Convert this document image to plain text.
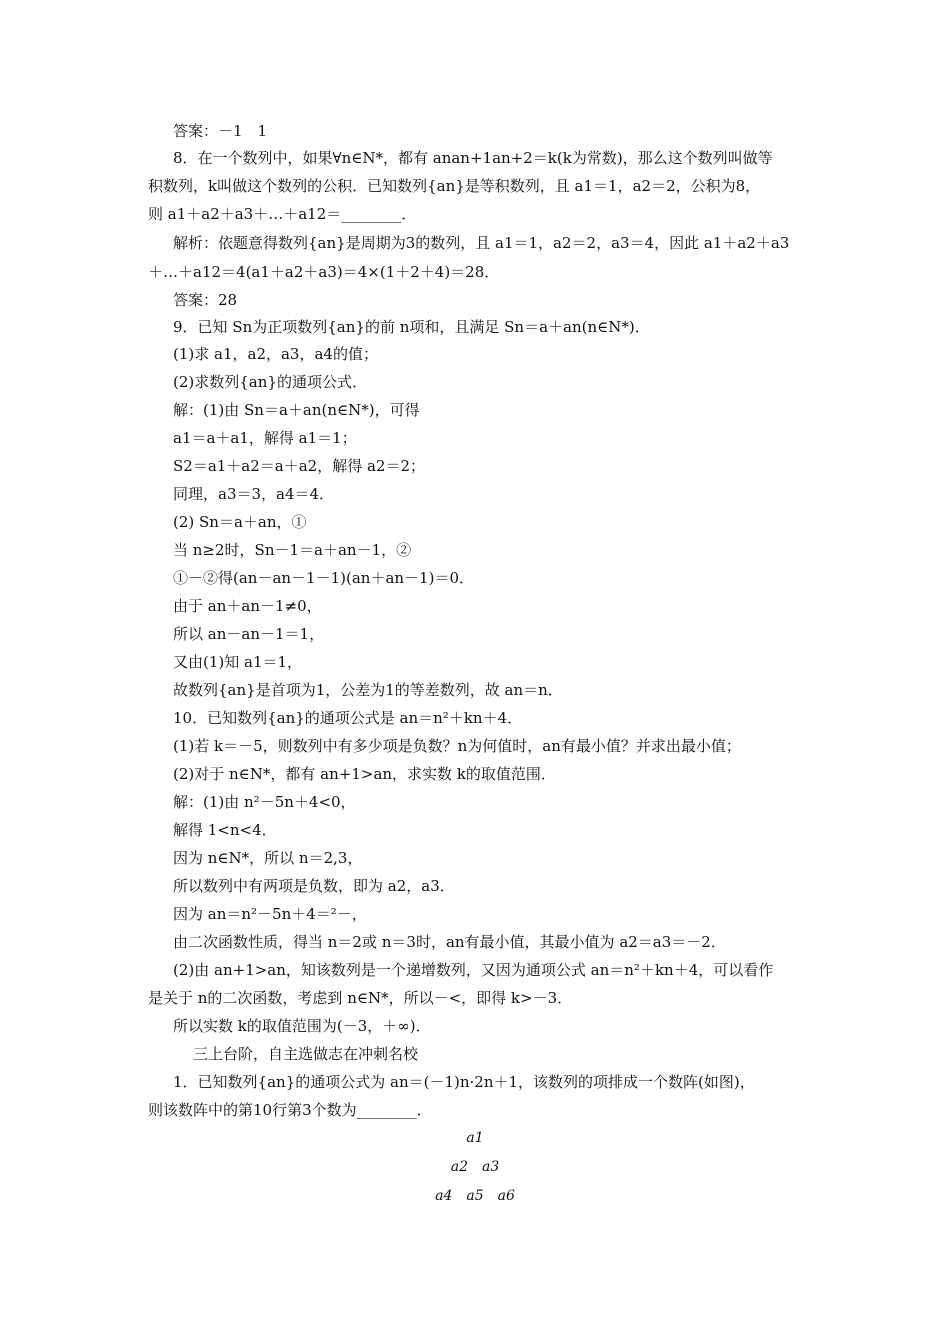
答案：－1　1
8．在一个数列中，如果∀n∈N*，都有 anan+1an+2＝k(k为常数)，那么这个数列叫做等
积数列，k叫做这个数列的公积．已知数列{an}是等积数列，且 a1＝1，a2＝2，公积为8，
则 a1＋a2＋a3＋…＋a12＝________．
解析：依题意得数列{an}是周期为3的数列，且 a1＝1，a2＝2，a3＝4，因此 a1＋a2＋a3
＋…＋a12＝4(a1＋a2＋a3)＝4×(1＋2＋4)＝28．
答案：28
9．已知 Sn为正项数列{an}的前 n项和，且满足 Sn＝a＋an(n∈N*)．
(1)求 a1，a2，a3，a4的值；
(2)求数列{an}的通项公式．
解：(1)由 Sn＝a＋an(n∈N*)，可得
a1＝a＋a1，解得 a1＝1；
S2＝a1＋a2＝a＋a2，解得 a2＝2；
同理，a3＝3，a4＝4．
(2) Sn＝a＋an，①
当 n≥2时，Sn－1＝a＋an－1，②
①－②得(an－an－1－1)(an＋an－1)＝0．
由于 an＋an－1≠0，
所以 an－an－1＝1，
又由(1)知 a1＝1，
故数列{an}是首项为1，公差为1的等差数列，故 an＝n．
10．已知数列{an}的通项公式是 an＝n²＋kn＋4．
(1)若 k＝－5，则数列中有多少项是负数？n为何值时，an有最小值？并求出最小值；
(2)对于 n∈N*，都有 an+1>an，求实数 k的取值范围．
解：(1)由 n²－5n＋4<0，
解得 1<n<4．
因为 n∈N*，所以 n＝2,3，
所以数列中有两项是负数，即为 a2，a3．
因为 an＝n²－5n＋4＝²－，
由二次函数性质，得当 n＝2或 n＝3时，an有最小值，其最小值为 a2＝a3＝－2．
(2)由 an+1>an，知该数列是一个递增数列，又因为通项公式 an＝n²＋kn＋4，可以看作
是关于 n的二次函数，考虑到 n∈N*，所以－<，即得 k>－3．
所以实数 k的取值范围为(－3，＋∞)．
三上台阶，自主选做志在冲刺名校
1．已知数列{an}的通项公式为 an＝(－1)n·2n＋1，该数列的项排成一个数阵(如图)，
则该数阵中的第10行第3个数为________．
a1
a2　a3
a4　a5　a6
